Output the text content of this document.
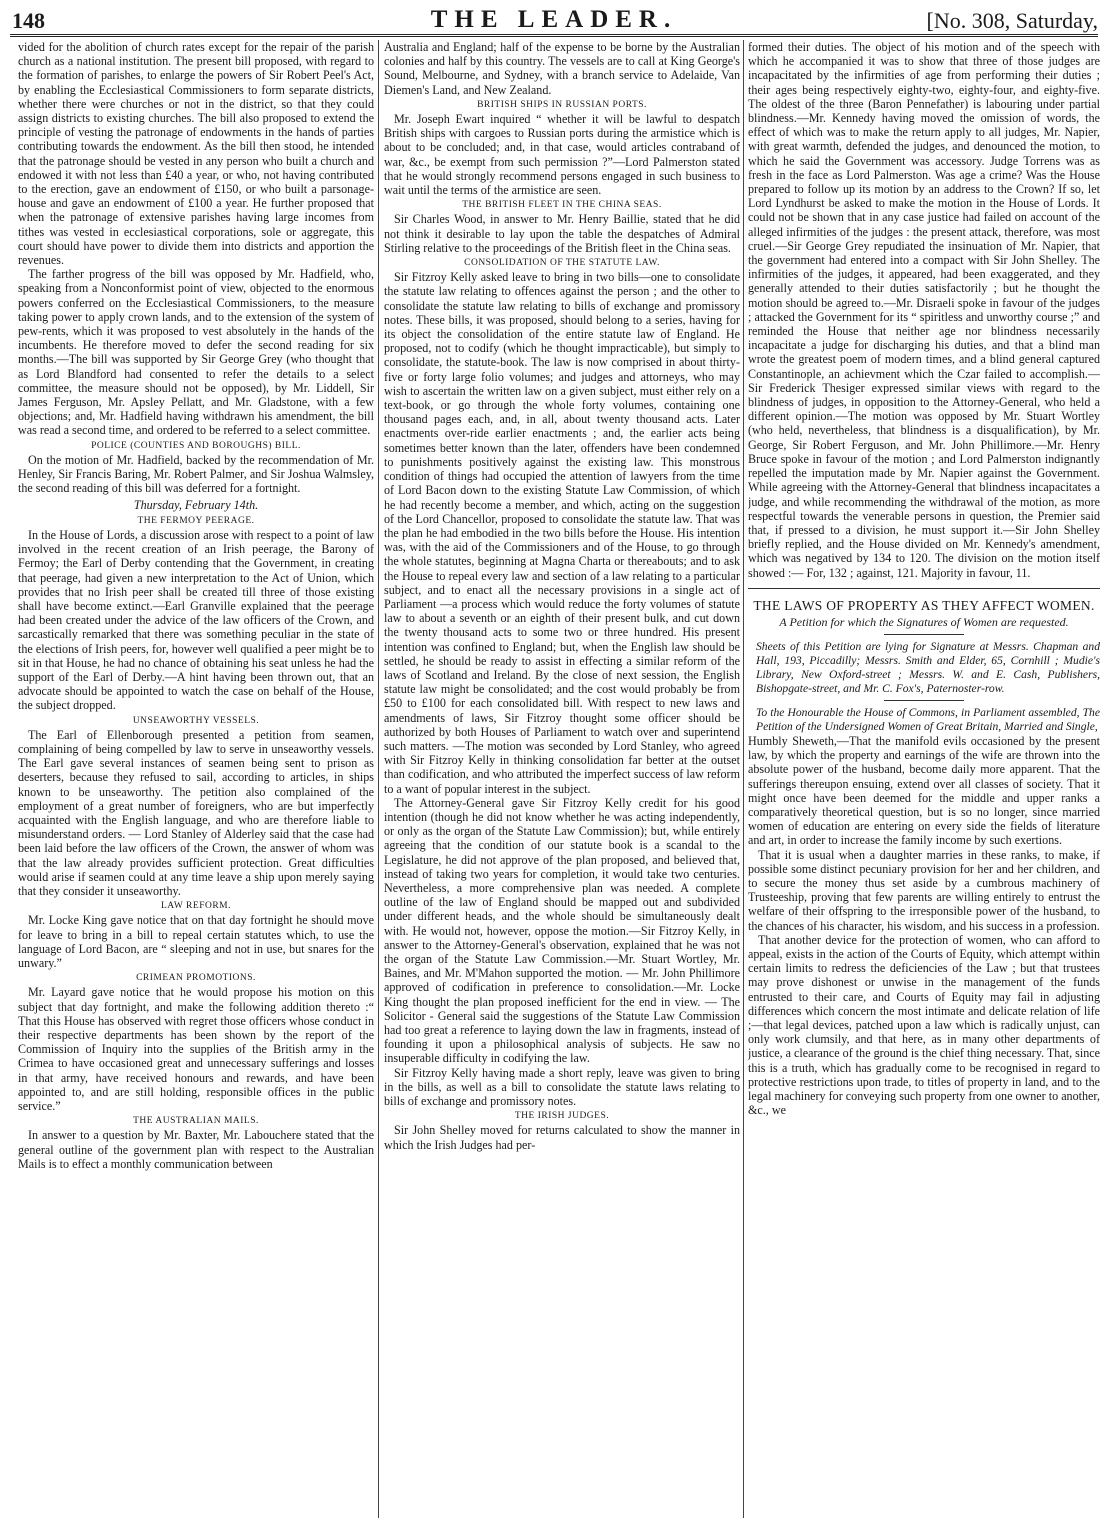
148	THE LEADER.	[No. 308, Saturday,

vided for the abolition of church rates except for the repair of the parish church as a national institution. The present bill proposed, with regard to the formation of parishes, to enlarge the powers of Sir Robert Peel's Act, by enabling the Ecclesiastical Commissioners to form separate districts, whether there were churches or not in the district, so that they could assign districts to existing churches. The bill also proposed to extend the principle of vesting the patronage of endowments in the hands of parties contributing towards the endowment. As the bill then stood, he intended that the patronage should be vested in any person who built a church and endowed it with not less than £40 a year, or who, not having contributed to the erection, gave an endowment of £150, or who built a parsonage-house and gave an endowment of £100 a year. He further proposed that when the patronage of extensive parishes having large incomes from tithes was vested in ecclesiastical corporations, sole or aggregate, this court should have power to divide them into districts and apportion the revenues.

The farther progress of the bill was opposed by Mr. Hadfield, who, speaking from a Nonconformist point of view, objected to the enormous powers conferred on the Ecclesiastical Commissioners, to the measure taking power to apply crown lands, and to the extension of the system of pew-rents, which it was proposed to vest absolutely in the hands of the incumbents. He therefore moved to defer the second reading for six months.—The bill was supported by Sir George Grey (who thought that as Lord Blandford had consented to refer the details to a select committee, the measure should not be opposed), by Mr. Liddell, Sir James Ferguson, Mr. Apsley Pellatt, and Mr. Gladstone, with a few objections; and, Mr. Hadfield having withdrawn his amendment, the bill was read a second time, and ordered to be referred to a select committee.

POLICE (COUNTIES AND BOROUGHS) BILL.

On the motion of Mr. Hadfield, backed by the recommendation of Mr. Henley, Sir Francis Baring, Mr. Robert Palmer, and Sir Joshua Walmsley, the second reading of this bill was deferred for a fortnight.

Thursday, February 14th.
THE FERMOY PEERAGE.

In the House of Lords, a discussion arose with respect to a point of law involved in the recent creation of an Irish peerage, the Barony of Fermoy; the Earl of Derby contending that the Government, in creating that peerage, had given a new interpretation to the Act of Union, which provides that no Irish peer shall be created till three of those existing shall have become extinct.—Earl Granville explained that the peerage had been created under the advice of the law officers of the Crown, and sarcastically remarked that there was something peculiar in the state of the elections of Irish peers, for, however well qualified a peer might be to sit in that House, he had no chance of obtaining his seat unless he had the support of the Earl of Derby.—A hint having been thrown out, that an advocate should be appointed to watch the case on behalf of the House, the subject dropped.

UNSEAWORTHY VESSELS.

The Earl of Ellenborough presented a petition from seamen, complaining of being compelled by law to serve in unseaworthy vessels. The Earl gave several instances of seamen being sent to prison as deserters, because they refused to sail, according to articles, in ships known to be unseaworthy. The petition also complained of the employment of a great number of foreigners, who are but imperfectly acquainted with the English language, and who are therefore liable to misunderstand orders. — Lord Stanley of Alderley said that the case had been laid before the law officers of the Crown, the answer of whom was that the law already provides sufficient protection. Great difficulties would arise if seamen could at any time leave a ship upon merely saying that they consider it unseaworthy.

LAW REFORM.

Mr. Locke King gave notice that on that day fortnight he should move for leave to bring in a bill to repeal certain statutes which, to use the language of Lord Bacon, are “ sleeping and not in use, but snares for the unwary.”

CRIMEAN PROMOTIONS.

Mr. Layard gave notice that he would propose his motion on this subject that day fortnight, and make the following addition thereto :“ That this House has observed with regret those officers whose conduct in their respective departments has been shown by the report of the Commission of Inquiry into the supplies of the British army in the Crimea to have occasioned great and unnecessary sufferings and losses in that army, have received honours and rewards, and have been appointed to, and are still holding, responsible offices in the public service.”

THE AUSTRALIAN MAILS.

In answer to a question by Mr. Baxter, Mr. Labouchere stated that the general outline of the government plan with respect to the Australian Mails is to effect a monthly communication between

Australia and England; half of the expense to be borne by the Australian colonies and half by this country. The vessels are to call at King George's Sound, Melbourne, and Sydney, with a branch service to Adelaide, Van Diemen's Land, and New Zealand.

BRITISH SHIPS IN RUSSIAN PORTS.

Mr. Joseph Ewart inquired “ whether it will be lawful to despatch British ships with cargoes to Russian ports during the armistice which is about to be concluded; and, in that case, would articles contraband of war, &c., be exempt from such permission ?”—Lord Palmerston stated that he would strongly recommend persons engaged in such business to wait until the terms of the armistice are seen.

THE BRITISH FLEET IN THE CHINA SEAS.

Sir Charles Wood, in answer to Mr. Henry Baillie, stated that he did not think it desirable to lay upon the table the despatches of Admiral Stirling relative to the proceedings of the British fleet in the China seas.

CONSOLIDATION OF THE STATUTE LAW.

Sir Fitzroy Kelly asked leave to bring in two bills—one to consolidate the statute law relating to offences against the person ; and the other to consolidate the statute law relating to bills of exchange and promissory notes. These bills, it was proposed, should belong to a series, having for its object the consolidation of the entire statute law of England. He proposed, not to codify (which he thought impracticable), but simply to consolidate, the statute-book. The law is now comprised in about thirty-five or forty large folio volumes; and judges and attorneys, who may wish to ascertain the written law on a given subject, must either rely on a text-book, or go through the whole forty volumes, containing one thousand pages each, and, in all, about twenty thousand acts. Later enactments over-ride earlier enactments ; and, the earlier acts being sometimes better known than the later, offenders have been condemned to punishments positively against the existing law. This monstrous condition of things had occupied the attention of lawyers from the time of Lord Bacon down to the existing Statute Law Commission, of which he had recently become a member, and which, acting on the suggestion of the Lord Chancellor, proposed to consolidate the statute law. That was the plan he had embodied in the two bills before the House. His intention was, with the aid of the Commissioners and of the House, to go through the whole statutes, beginning at Magna Charta or thereabouts; and to ask the House to repeal every law and section of a law relating to a particular subject, and to enact all the necessary provisions in a single act of Parliament —a process which would reduce the forty volumes of statute law to about a seventh or an eighth of their present bulk, and cut down the twenty thousand acts to some two or three hundred. His present intention was confined to England; but, when the English law should be settled, he should be ready to assist in effecting a similar reform of the laws of Scotland and Ireland. By the close of next session, the English statute law might be consolidated; and the cost would probably be from £50 to £100 for each consolidated bill. With respect to new laws and amendments of laws, Sir Fitzroy thought some officer should be authorized by both Houses of Parliament to watch over and superintend such matters. —The motion was seconded by Lord Stanley, who agreed with Sir Fitzroy Kelly in thinking consolidation far better at the outset than codification, and who attributed the imperfect success of law reform to a want of popular interest in the subject.

The Attorney-General gave Sir Fitzroy Kelly credit for his good intention (though he did not know whether he was acting independently, or only as the organ of the Statute Law Commission); but, while entirely agreeing that the condition of our statute book is a scandal to the Legislature, he did not approve of the plan proposed, and believed that, instead of taking two years for completion, it would take two centuries. Nevertheless, a more comprehensive plan was needed. A complete outline of the law of England should be mapped out and subdivided under different heads, and the whole should be simultaneously dealt with. He would not, however, oppose the motion.—Sir Fitzroy Kelly, in answer to the Attorney-General's observation, explained that he was not the organ of the Statute Law Commission.—Mr. Stuart Wortley, Mr. Baines, and Mr. M'Mahon supported the motion. — Mr. John Phillimore approved of codification in preference to consolidation.—Mr. Locke King thought the plan proposed inefficient for the end in view. — The Solicitor - General said the suggestions of the Statute Law Commission had too great a reference to laying down the law in fragments, instead of founding it upon a philosophical analysis of subjects. He saw no insuperable difficulty in codifying the law.

Sir Fitzroy Kelly having made a short reply, leave was given to bring in the bills, as well as a bill to consolidate the statute laws relating to bills of exchange and promissory notes.

THE IRISH JUDGES.

Sir John Shelley moved for returns calculated to show the manner in which the Irish Judges had per-

formed their duties. The object of his motion and of the speech with which he accompanied it was to show that three of those judges are incapacitated by the infirmities of age from performing their duties ; their ages being respectively eighty-two, eighty-four, and eighty-five. The oldest of the three (Baron Pennefather) is labouring under partial blindness.—Mr. Kennedy having moved the omission of words, the effect of which was to make the return apply to all judges, Mr. Napier, with great warmth, defended the judges, and denounced the motion, to which he said the Government was accessory. Judge Torrens was as fresh in the face as Lord Palmerston. Was age a crime? Was the House prepared to follow up its motion by an address to the Crown? If so, let Lord Lyndhurst be asked to make the motion in the House of Lords. It could not be shown that in any case justice had failed on account of the alleged infirmities of the judges : the present attack, therefore, was most cruel.—Sir George Grey repudiated the insinuation of Mr. Napier, that the government had entered into a compact with Sir John Shelley. The infirmities of the judges, it appeared, had been exaggerated, and they generally attended to their duties satisfactorily ; but he thought the motion should be agreed to.—Mr. Disraeli spoke in favour of the judges ; attacked the Government for its “ spiritless and unworthy course ;” and reminded the House that neither age nor blindness necessarily incapacitate a judge for discharging his duties, and that a blind man wrote the greatest poem of modern times, and a blind general captured Constantinople, an achievment which the Czar failed to accomplish.—Sir Frederick Thesiger expressed similar views with regard to the blindness of judges, in opposition to the Attorney-General, who held a different opinion.—The motion was opposed by Mr. Stuart Wortley (who held, nevertheless, that blindness is a disqualification), by Mr. George, Sir Robert Ferguson, and Mr. John Phillimore.—Mr. Henry Bruce spoke in favour of the motion ; and Lord Palmerston indignantly repelled the imputation made by Mr. Napier against the Government. While agreeing with the Attorney-General that blindness incapacitates a judge, and while recommending the withdrawal of the motion, as more respectful towards the venerable persons in question, the Premier said that, if pressed to a division, he must support it.—Sir John Shelley briefly replied, and the House divided on Mr. Kennedy's amendment, which was negatived by 134 to 120. The division on the motion itself showed :— For, 132 ; against, 121. Majority in favour, 11.

THE LAWS OF PROPERTY AS THEY AFFECT WOMEN.
A Petition for which the Signatures of Women are requested.
Sheets of this Petition are lying for Signature at Messrs. Chapman and Hall, 193, Piccadilly; Messrs. Smith and Elder, 65, Cornhill ; Mudie's Library, New Oxford-street ; Messrs. W. and E. Cash, Publishers, Bishopgate-street, and Mr. C. Fox's, Paternoster-row.
To the Honourable the House of Commons, in Parliament assembled, The Petition of the Undersigned Women of Great Britain, Married and Single,

Humbly Sheweth,—That the manifold evils occasioned by the present law, by which the property and earnings of the wife are thrown into the absolute power of the husband, become daily more apparent. That the sufferings thereupon ensuing, extend over all classes of society. That it might once have been deemed for the middle and upper ranks a comparatively theoretical question, but is so no longer, since married women of education are entering on every side the fields of literature and art, in order to increase the family income by such exertions.

That it is usual when a daughter marries in these ranks, to make, if possible some distinct pecuniary provision for her and her children, and to secure the money thus set aside by a cumbrous machinery of Trusteeship, proving that few parents are willing entirely to entrust the welfare of their offspring to the irresponsible power of the husband, to the chances of his character, his wisdom, and his success in a profession.

That another device for the protection of women, who can afford to appeal, exists in the action of the Courts of Equity, which attempt within certain limits to redress the deficiencies of the Law ; but that trustees may prove dishonest or unwise in the management of the funds entrusted to their care, and Courts of Equity may fail in adjusting differences which concern the most intimate and delicate relation of life ;—that legal devices, patched upon a law which is radically unjust, can only work clumsily, and that here, as in many other departments of justice, a clearance of the ground is the chief thing necessary. That, since this is a truth, which has gradually come to be recognised in regard to protective restrictions upon trade, to titles of property in land, and to the legal machinery for conveying such property from one owner to another, &c., we
